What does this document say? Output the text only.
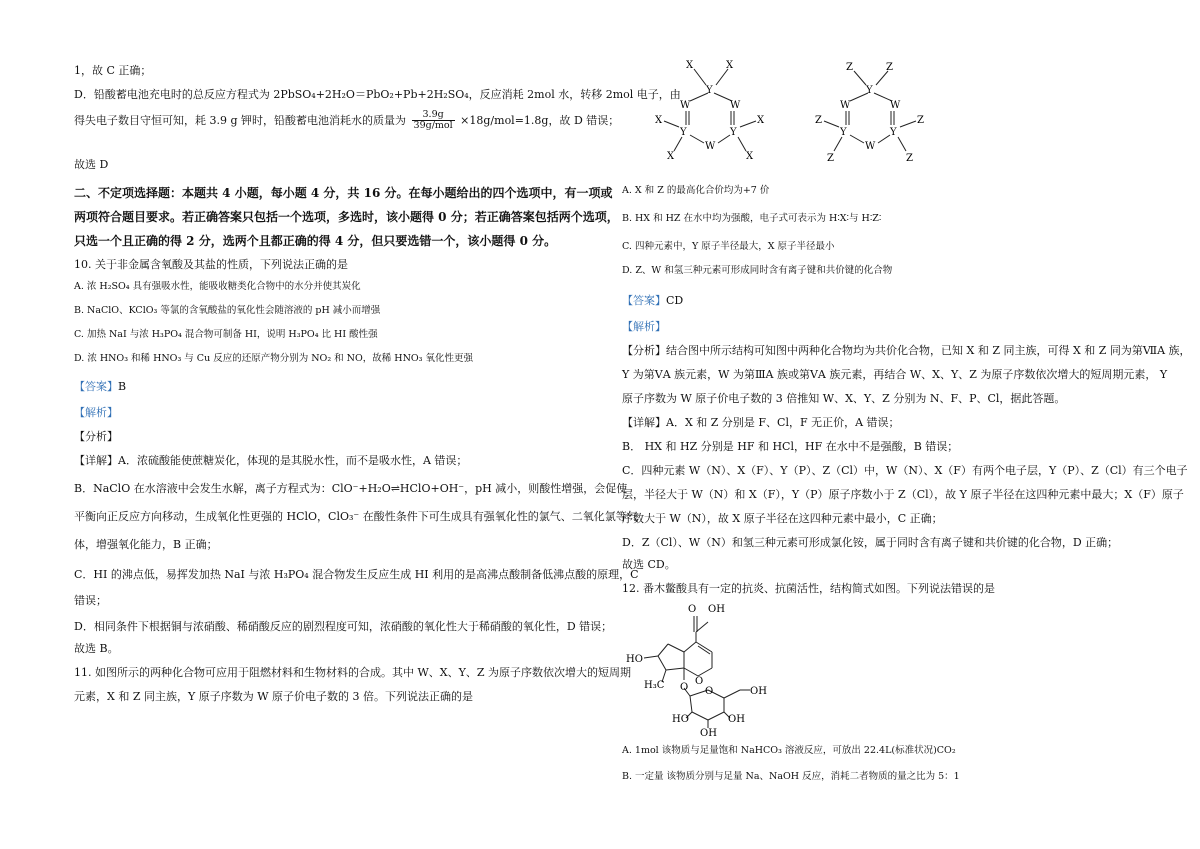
1，故 C 正确；
D．铅酸蓄电池充电时的总反应方程式为 2PbSO₄+2H₂O＝PbO₂+Pb+2H₂SO₄，反应消耗 2mol 水，转移 2mol 电子，由
得失电子数目守恒可知，耗 3.9 g 钾时，铅酸蓄电池消耗水的质量为 $\frac{3.9g}{\text{39g/mol}} \times 18g/mol=1.8g$，故 D 错误；
故选 D
二、不定项选择题：本题共 4 小题，每小题 4 分，共 16 分。在每小题给出的四个选项中，有一项或
两项符合题目要求。若正确答案只包括一个选项，多选时，该小题得 0 分；若正确答案包括两个选项，
只选一个且正确的得 2 分，选两个且都正确的得 4 分，但只要选错一个，该小题得 0 分。
10. 关于非金属含氧酸及其盐的性质，下列说法正确的是
A. 浓 H₂SO₄ 具有强吸水性，能吸收糖类化合物中的水分并使其炭化
B. NaClO、KClO₃ 等氯的含氧酸盐的氧化性会随溶液的 pH 减小而增强
C. 加热 NaI 与浓 H₃PO₄ 混合物可制备 HI，说明 H₃PO₄ 比 HI 酸性强
D. 浓 HNO₃ 和稀 HNO₃ 与 Cu 反应的还原产物分别为 NO₂ 和 NO，故稀 HNO₃ 氧化性更强
【答案】B
【解析】
【分析】
【详解】A．浓硫酸能使蔗糖炭化，体现的是其脱水性，而不是吸水性，A 错误；
B．NaClO 在水溶液中会发生水解，离子方程式为：ClO⁻+H₂O⇌HClO+OH⁻，pH 减小，则酸性增强，会促使
平衡向正反应方向移动，生成氧化性更强的 HClO，ClO₃⁻ 在酸性条件下可生成具有强氧化性的氯气、二氧化氯等气
体，增强氧化能力，B 正确；
C．HI 的沸点低，易挥发加热 NaI 与浓 H₃PO₄ 混合物发生反应生成 HI 利用的是高沸点酸制备低沸点酸的原理，C
错误；
D．相同条件下根据铜与浓硝酸、稀硝酸反应的剧烈程度可知，浓硝酸的氧化性大于稀硝酸的氧化性，D 错误；
故选 B。
11. 如图所示的两种化合物可应用于阻燃材料和生物材料的合成。其中 W、X、Y、Z 为原子序数依次增大的短周期
元素，X 和 Z 同主族，Y 原子序数为 W 原子价电子数的 3 倍。下列说法正确的是
X	X
Y
W	W
Y	Y
W
X	X
X	X
Z	Z
Y
W	W
Y	Y
W
Z	Z
Z	Z
A. X 和 Z 的最高化合价均为+7 价
B. HX 和 HZ 在水中均为强酸，电子式可表示为 H∶X∶与 H∶Z∶
C. 四种元素中，Y 原子半径最大，X 原子半径最小
D. Z、W 和氢三种元素可形成同时含有离子键和共价键的化合物
【答案】CD
【解析】
【分析】结合图中所示结构可知图中两种化合物均为共价化合物，已知 X 和 Z 同主族，可得 X 和 Z 同为第ⅦA 族，
Y 为第ⅤA 族元素，W 为第ⅢA 族或第ⅤA 族元素，再结合 W、X、Y、Z 为原子序数依次增大的短周期元素， Y
原子序数为 W 原子价电子数的 3 倍推知 W、X、Y、Z 分别为 N、F、P、Cl，据此答题。
【详解】A．X 和 Z 分别是 F、Cl，F 无正价，A 错误；
B． HX 和 HZ 分别是 HF 和 HCl，HF 在水中不是强酸，B 错误；
C．四种元素 W（N）、X（F）、Y（P）、Z（Cl）中，W（N）、X（F）有两个电子层，Y（P）、Z（Cl）有三个电子
层，半径大于 W（N）和 X（F），Y（P）原子序数小于 Z（Cl），故 Y 原子半径在这四种元素中最大；X（F）原子
序数大于 W（N），故 X 原子半径在这四种元素中最小，C 正确；
D．Z（Cl）、W（N）和氢三种元素可形成氯化铵，属于同时含有离子键和共价键的化合物，D 正确；
故选 CD。
12. 番木鳖酸具有一定的抗炎、抗菌活性，结构简式如图。下列说法错误的是
O OH
O
HO
H₃C O O	OH
HO
OH
OH
A. 1mol 该物质与足量饱和 NaHCO₃ 溶液反应，可放出 22.4L(标准状况)CO₂
B. 一定量 该物质分别与足量 Na、NaOH 反应，消耗二者物质的量之比为 5：1
